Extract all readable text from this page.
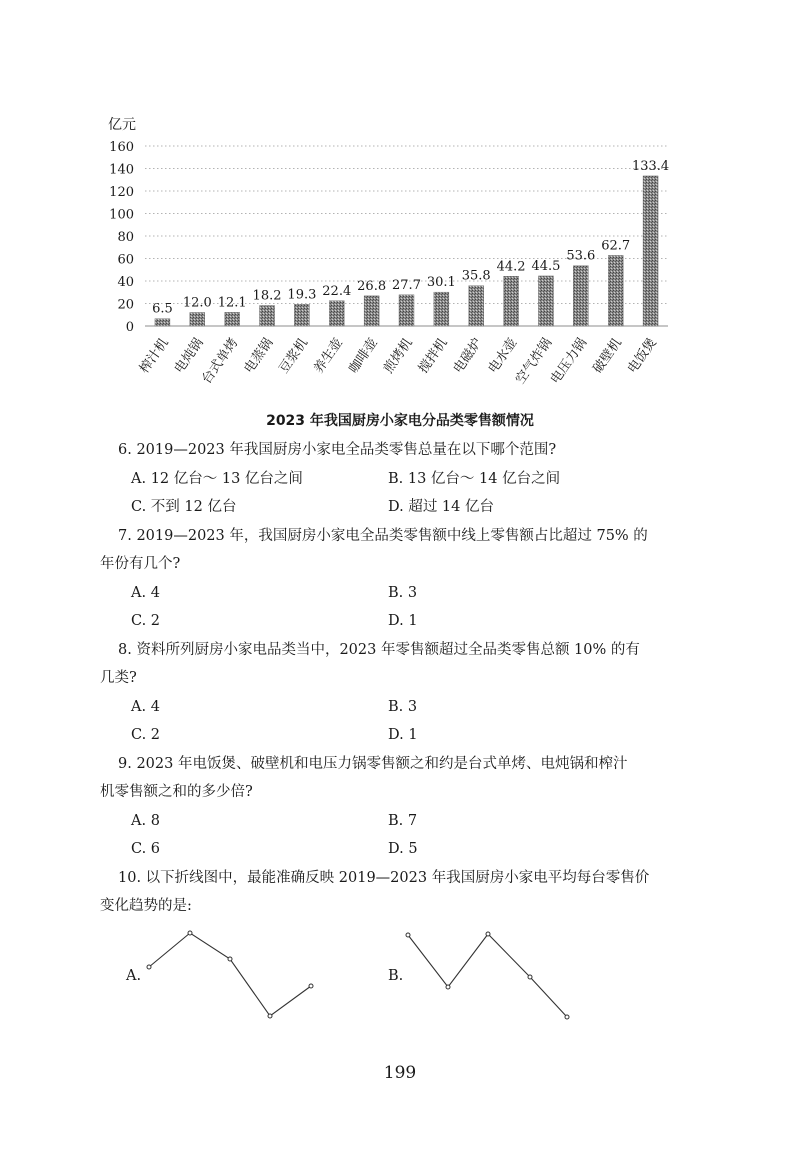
亿元
0
20
40
60
80
100
120
140
160
6.5
榨汁机
12.0
电炖锅
12.1
台式单烤
18.2
电蒸锅
19.3
豆浆机
22.4
养生壶
26.8
咖啡壶
27.7
煎烤机
30.1
搅拌机
35.8
电磁炉
44.2
电水壶
44.5
空气炸锅
53.6
电压力锅
62.7
破壁机
133.4
电饭煲
2023 年我国厨房小家电分品类零售额情况
6. 2019—2023 年我国厨房小家电全品类零售总量在以下哪个范围?
A. 12 亿台～ 13 亿台之间	B. 13 亿台～ 14 亿台之间
C. 不到 12 亿台	D. 超过 14 亿台
7. 2019—2023 年，我国厨房小家电全品类零售额中线上零售额占比超过 75% 的
年份有几个?
A. 4	B. 3
C. 2	D. 1
8. 资料所列厨房小家电品类当中，2023 年零售额超过全品类零售总额 10% 的有
几类?
A. 4	B. 3
C. 2	D. 1
9. 2023 年电饭煲、破壁机和电压力锅零售额之和约是台式单烤、电炖锅和榨汁
机零售额之和的多少倍?
A. 8	B. 7
C. 6	D. 5
10. 以下折线图中，最能准确反映 2019—2023 年我国厨房小家电平均每台零售价
变化趋势的是:
A.	B.
199
